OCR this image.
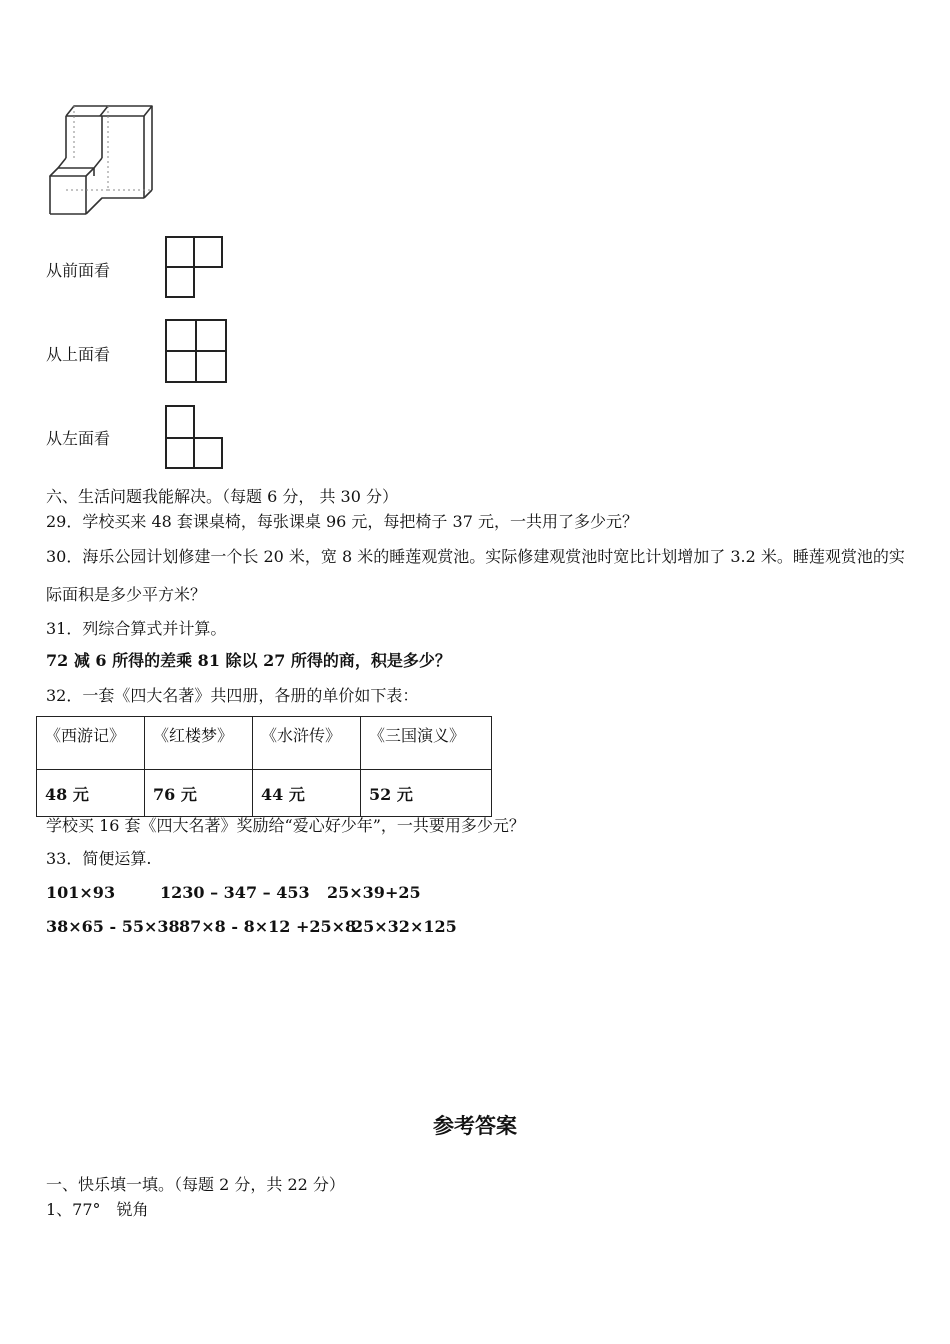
从前面看
从上面看
从左面看
六、生活问题我能解决。（每题 6 分， 共 30 分）
29．学校买来 48 套课桌椅，每张课桌 96 元，每把椅子 37 元，一共用了多少元？
30．海乐公园计划修建一个长 20 米，宽 8 米的睡莲观赏池。实际修建观赏池时宽比计划增加了 3.2 米。睡莲观赏池的实
际面积是多少平方米？
31．列综合算式并计算。
72 减 6 所得的差乘 81 除以 27 所得的商，积是多少？
32．一套《四大名著》共四册，各册的单价如下表：
《西游记》	《红楼梦》	《水浒传》	《三国演义》
48 元	76 元	44 元	52 元
学校买 16 套《四大名著》奖励给“爱心好少年”，一共要用多少元？
33．简便运算.
101×93	1230 – 347 – 453 25×39+25
38×65 - 55×38 87×8 - 8×12 +25×8
25×32×125
参考答案
一、快乐填一填。（每题 2 分，共 22 分）
1、77°　锐角
